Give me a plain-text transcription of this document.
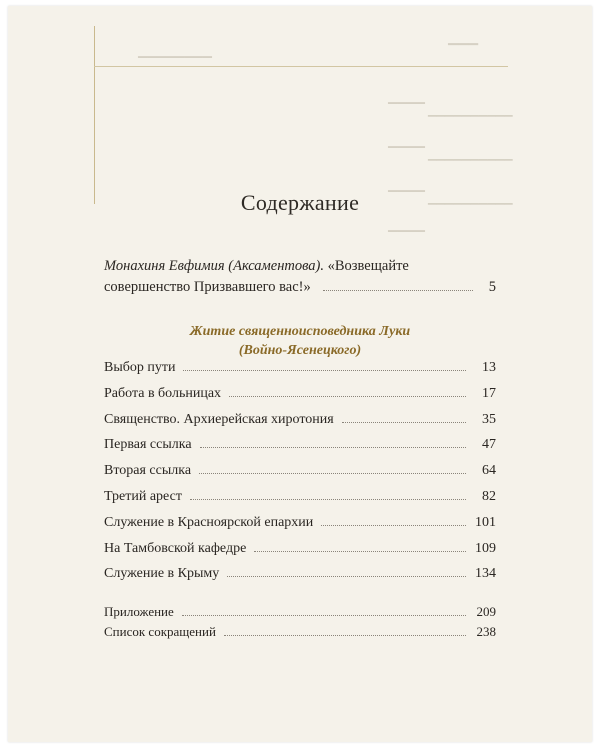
▁▁▁▁▁▁▁▁
▁▁▁
▁▁▁▁
▁▁▁▁
▁▁▁▁
▁▁▁▁
▁▁▁▁▁▁▁▁▁▁
▁▁▁▁▁▁▁▁▁▁
▁▁▁▁▁▁▁▁▁▁
Содержание
Монахиня Евфимия (Аксаментова). «Возвещайте
совершенство Призвавшего вас!»	5
Житие священноисповедника Луки
(Войно-Ясенецкого)
Выбор пути	13
Работа в больницах	17
Священство. Архиерейская хиротония	35
Первая ссылка	47
Вторая ссылка	64
Третий арест	82
Служение в Красноярской епархии	101
На Тамбовской кафедре	109
Служение в Крыму	134
Приложение	209
Список сокращений	238
